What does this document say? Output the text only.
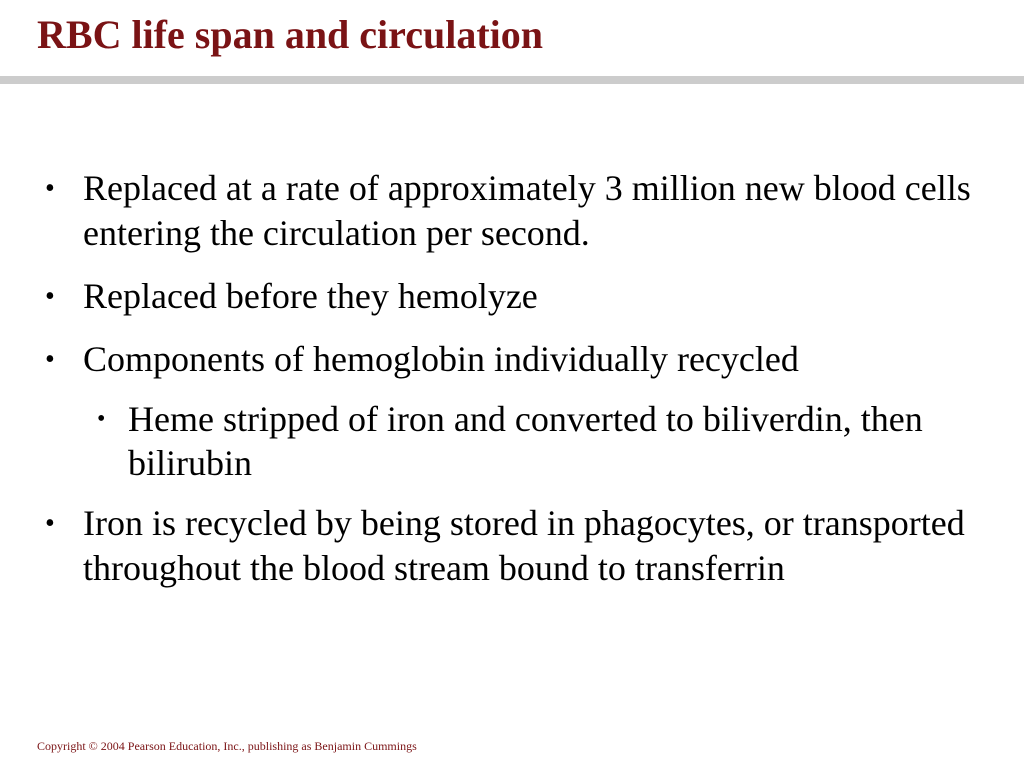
RBC life span and circulation
• Replaced at a rate of approximately 3 million new blood cells entering the circulation per second.
• Replaced before they hemolyze
• Components of hemoglobin individually recycled
• Heme stripped of iron and converted to biliverdin, then bilirubin
• Iron is recycled by being stored in phagocytes, or transported throughout the blood stream bound to transferrin
Copyright © 2004 Pearson Education, Inc., publishing as Benjamin Cummings
